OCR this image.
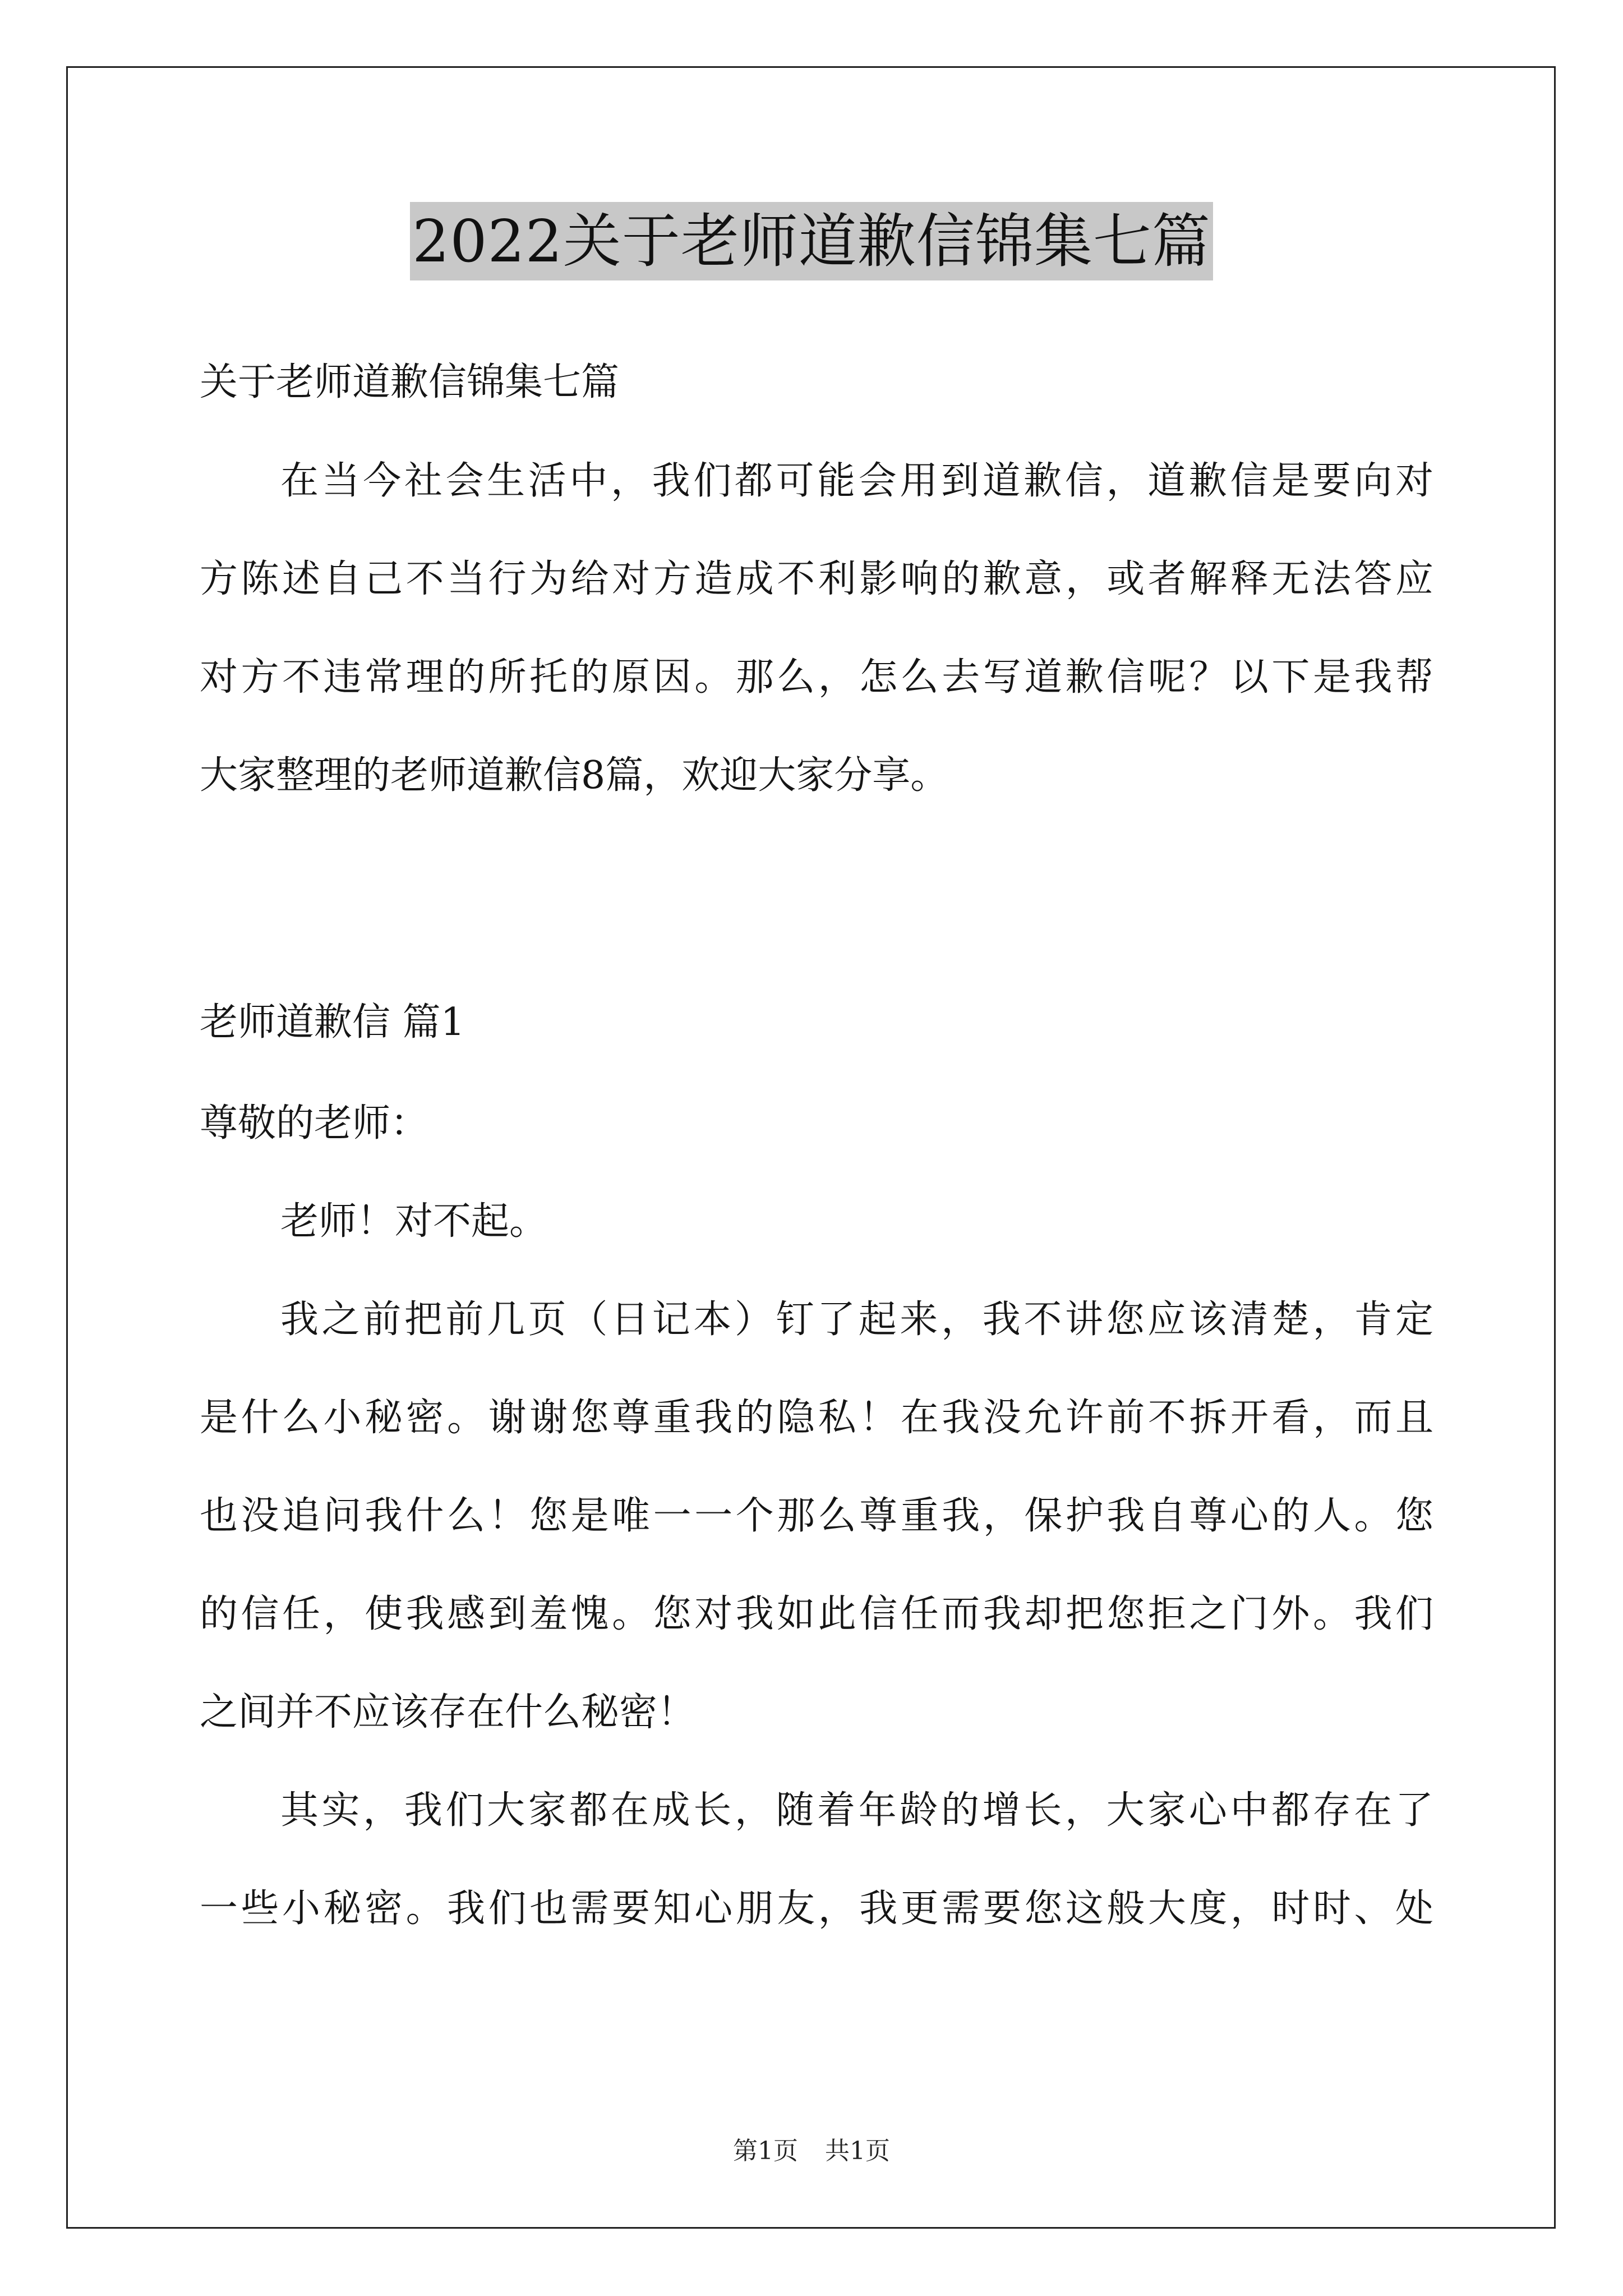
2022关于老师道歉信锦集七篇
关于老师道歉信锦集七篇
在当今社会生活中，我们都可能会用到道歉信，道歉信是要向对
方陈述自己不当行为给对方造成不利影响的歉意，或者解释无法答应
对方不违常理的所托的原因。那么，怎么去写道歉信呢？以下是我帮
大家整理的老师道歉信8篇，欢迎大家分享。
老师道歉信 篇1
尊敬的老师：
老师！对不起。
我之前把前几页（日记本）钉了起来，我不讲您应该清楚，肯定
是什么小秘密。谢谢您尊重我的隐私！在我没允许前不拆开看，而且
也没追问我什么！您是唯一一个那么尊重我，保护我自尊心的人。您
的信任，使我感到羞愧。您对我如此信任而我却把您拒之门外。我们
之间并不应该存在什么秘密！
其实，我们大家都在成长，随着年龄的增长，大家心中都存在了
一些小秘密。我们也需要知心朋友，我更需要您这般大度，时时、处
第1页 共1页
